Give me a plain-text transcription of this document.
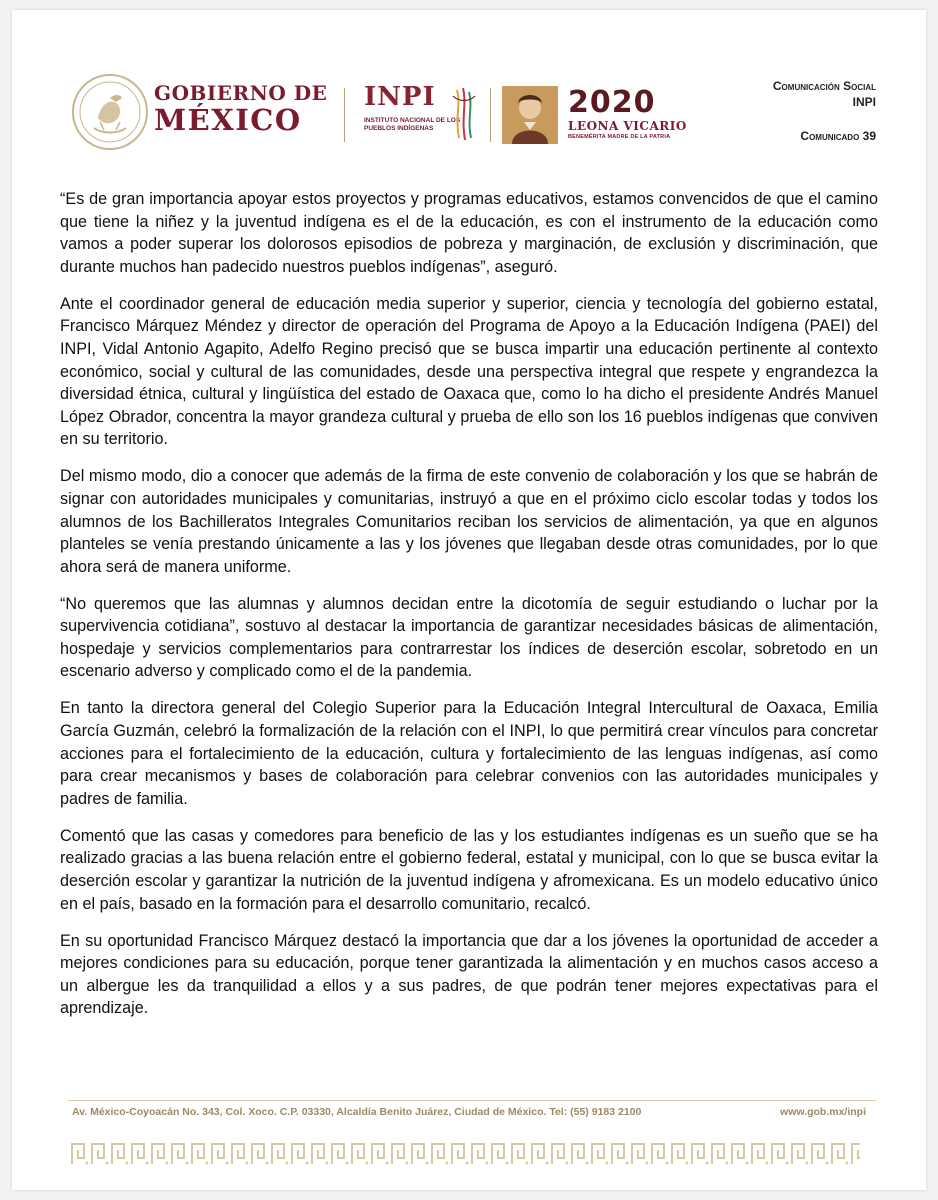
GOBIERNO DE
MÉXICO
INPI
INSTITUTO NACIONAL DE LOS PUEBLOS INDÍGENAS
2020
LEONA VICARIO
BENEMÉRITA MADRE DE LA PATRIA
Comunicación Social
INPI
Comunicado 39

“Es de gran importancia apoyar estos proyectos y programas educativos, estamos convencidos de que el camino que tiene la niñez y la juventud indígena es el de la educación, es con el instrumento de la educación como vamos a poder superar los dolorosos episodios de pobreza y marginación, de exclusión y discriminación, que durante muchos han padecido nuestros pueblos indígenas”, aseguró.

Ante el coordinador general de educación media superior y superior, ciencia y tecnología del gobierno estatal, Francisco Márquez Méndez y director de operación del Programa de Apoyo a la Educación Indígena (PAEI) del INPI, Vidal Antonio Agapito, Adelfo Regino precisó que se busca impartir una educación pertinente al contexto económico, social y cultural de las comunidades, desde una perspectiva integral que respete y engrandezca la diversidad étnica, cultural y lingüística del estado de Oaxaca que, como lo ha dicho el presidente Andrés Manuel López Obrador, concentra la mayor grandeza cultural y prueba de ello son los 16 pueblos indígenas que conviven en su territorio.

Del mismo modo, dio a conocer que además de la firma de este convenio de colaboración y los que se habrán de signar con autoridades municipales y comunitarias, instruyó a que en el próximo ciclo escolar todas y todos los alumnos de los Bachilleratos Integrales Comunitarios reciban los servicios de alimentación, ya que en algunos planteles se venía prestando únicamente a las y los jóvenes que llegaban desde otras comunidades, por lo que ahora será de manera uniforme.

“No queremos que las alumnas y alumnos decidan entre la dicotomía de seguir estudiando o luchar por la supervivencia cotidiana”, sostuvo al destacar la importancia de garantizar necesidades básicas de alimentación, hospedaje y servicios complementarios para contrarrestar los índices de deserción escolar, sobretodo en un escenario adverso y complicado como el de la pandemia.

En tanto la directora general del Colegio Superior para la Educación Integral Intercultural de Oaxaca, Emilia García Guzmán, celebró la formalización de la relación con el INPI, lo que permitirá crear vínculos para concretar acciones para el fortalecimiento de la educación, cultura y fortalecimiento de las lenguas indígenas, así como para crear mecanismos y bases de colaboración para celebrar convenios con las autoridades municipales y padres de familia.

Comentó que las casas y comedores para beneficio de las y los estudiantes indígenas es un sueño que se ha realizado gracias a las buena relación entre el gobierno federal, estatal y municipal, con lo que se busca evitar la deserción escolar y garantizar la nutrición de la juventud indígena y afromexicana. Es un modelo educativo único en el país, basado en la formación para el desarrollo comunitario, recalcó.

En su oportunidad Francisco Márquez destacó la importancia que dar a los jóvenes la oportunidad de acceder a mejores condiciones para su educación, porque tener garantizada la alimentación y en muchos casos acceso a un albergue les da tranquilidad a ellos y a sus padres, de que podrán tener mejores expectativas para el aprendizaje.

Av. México-Coyoacán No. 343, Col. Xoco. C.P. 03330, Alcaldía Benito Juárez, Ciudad de México. Tel: (55) 9183 2100	www.gob.mx/inpi
